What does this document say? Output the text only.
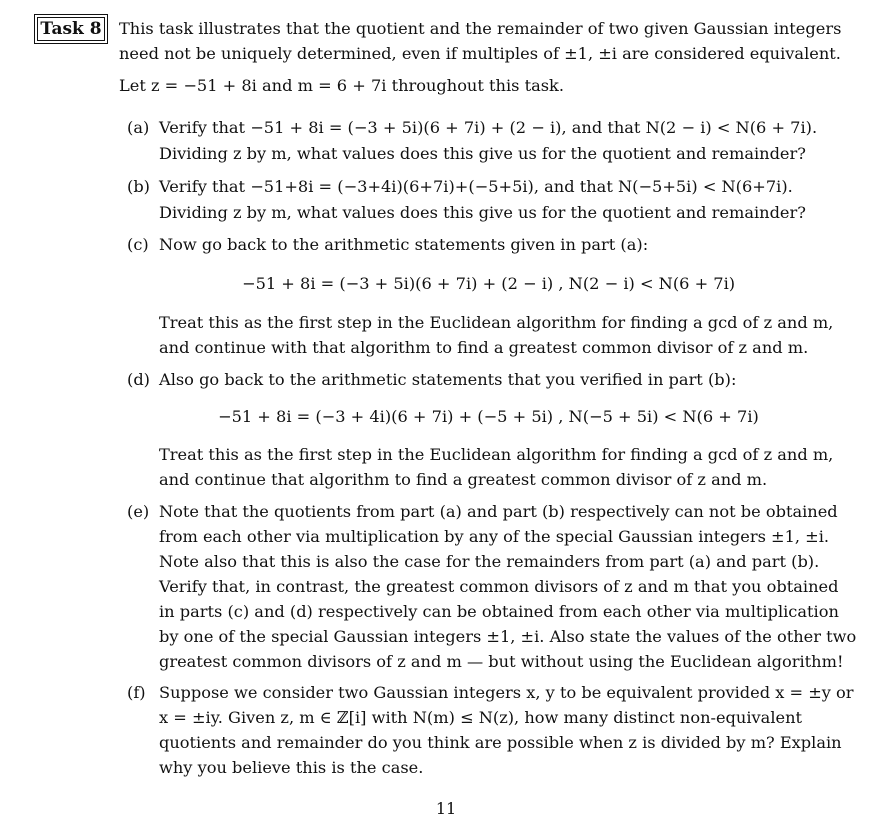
Task 8 This task illustrates that the quotient and the remainder of two given Gaussian integers
need not be uniquely determined, even if multiples of ±1, ±i are considered equivalent.
Let z = −51 + 8i and m = 6 + 7i throughout this task.
(a) Verify that −51 + 8i = (−3 + 5i)(6 + 7i) + (2 − i), and that N(2 − i) < N(6 + 7i).
Dividing z by m, what values does this give us for the quotient and remainder?
(b) Verify that −51+8i = (−3+4i)(6+7i)+(−5+5i), and that N(−5+5i) < N(6+7i).
Dividing z by m, what values does this give us for the quotient and remainder?
(c) Now go back to the arithmetic statements given in part (a):
−51 + 8i = (−3 + 5i)(6 + 7i) + (2 − i) , N(2 − i) < N(6 + 7i)
Treat this as the first step in the Euclidean algorithm for finding a gcd of z and m,
and continue with that algorithm to find a greatest common divisor of z and m.
(d) Also go back to the arithmetic statements that you verified in part (b):
−51 + 8i = (−3 + 4i)(6 + 7i) + (−5 + 5i) , N(−5 + 5i) < N(6 + 7i)
Treat this as the first step in the Euclidean algorithm for finding a gcd of z and m,
and continue that algorithm to find a greatest common divisor of z and m.
(e) Note that the quotients from part (a) and part (b) respectively can not be obtained
from each other via multiplication by any of the special Gaussian integers ±1, ±i.
Note also that this is also the case for the remainders from part (a) and part (b).
Verify that, in contrast, the greatest common divisors of z and m that you obtained
in parts (c) and (d) respectively can be obtained from each other via multiplication
by one of the special Gaussian integers ±1, ±i. Also state the values of the other two
greatest common divisors of z and m — but without using the Euclidean algorithm!
(f) Suppose we consider two Gaussian integers x, y to be equivalent provided x = ±y or
x = ±iy. Given z, m ∈ ℤ[i] with N(m) ≤ N(z), how many distinct non-equivalent
quotients and remainder do you think are possible when z is divided by m? Explain
why you believe this is the case.
11
